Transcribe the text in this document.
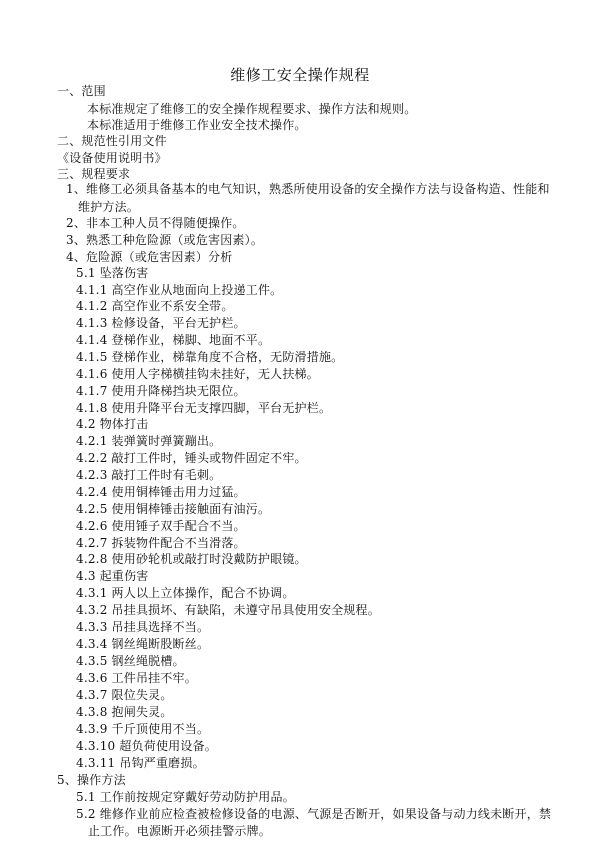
维修工安全操作规程
一、范围
本标准规定了维修工的安全操作规程要求、操作方法和规则。
本标准适用于维修工作业安全技术操作。
二、规范性引用文件
《设备使用说明书》
三、规程要求
1、维修工必须具备基本的电气知识，熟悉所使用设备的安全操作方法与设备构造、性能和
维护方法。
2、非本工种人员不得随便操作。
3、熟悉工种危险源（或危害因素）。
4、危险源（或危害因素）分析
5.1 坠落伤害
4.1.1 高空作业从地面向上投递工件。
4.1.2 高空作业不系安全带。
4.1.3 检修设备，平台无护栏。
4.1.4 登梯作业，梯脚、地面不平。
4.1.5 登梯作业，梯靠角度不合格，无防滑措施。
4.1.6 使用人字梯横挂钩未挂好，无人扶梯。
4.1.7 使用升降梯挡块无限位。
4.1.8 使用升降平台无支撑四脚，平台无护栏。
4.2 物体打击
4.2.1 装弹簧时弹簧蹦出。
4.2.2 敲打工件时，锤头或物件固定不牢。
4.2.3 敲打工件时有毛刺。
4.2.4 使用铜棒锤击用力过猛。
4.2.5 使用铜棒锤击接触面有油污。
4.2.6 使用锤子双手配合不当。
4.2.7 拆装物件配合不当滑落。
4.2.8 使用砂轮机或敲打时没戴防护眼镜。
4.3 起重伤害
4.3.1 两人以上立体操作，配合不协调。
4.3.2 吊挂具损坏、有缺陷，未遵守吊具使用安全规程。
4.3.3 吊挂具选择不当。
4.3.4 钢丝绳断股断丝。
4.3.5 钢丝绳脱槽。
4.3.6 工件吊挂不牢。
4.3.7 限位失灵。
4.3.8 抱闸失灵。
4.3.9 千斤顶使用不当。
4.3.10 超负荷使用设备。
4.3.11 吊钩严重磨损。
5、操作方法
5.1 工作前按规定穿戴好劳动防护用品。
5.2 维修作业前应检查被检修设备的电源、气源是否断开，如果设备与动力线未断开，禁
止工作。电源断开必须挂警示牌。
